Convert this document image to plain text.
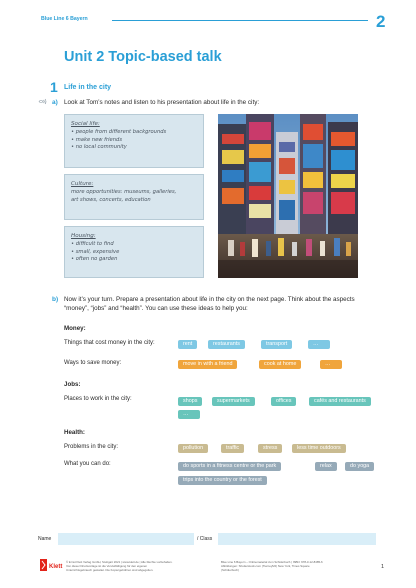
Blue Line 6 Bayern	2
Unit 2 Topic-based talk
1 Life in the city
a) Look at Tom’s notes and listen to his presentation about life in the city:
Social life:
• people from different backgrounds
• make new friends
• no local community
Culture:
more opportunities: museums, galleries,
art shows, concerts, education
Housing:
• difficult to find
• small, expensive
• often no garden
b) Now it’s your turn. Prepare a presentation about life in the city on the next page. Think about the aspects
“money”, “jobs” and “health”. You can use these ideas to help you:
Money:
Things that cost money in the city:	rent	restaurants	transport	…
Ways to save money:	move in with a friend	cook at home	…
Jobs:
Places to work in the city:	shops	supermarkets	offices	cafés and restaurants
…
Health:
Problems in the city:	pollution	traffic	stress	less time outdoors
What you can do:	do sports in a fitness centre or the park	relax	do yoga
trips into the country or the forest
Name	/ Class
Klett
© Ernst Klett Verlag GmbH, Stuttgart 2021 | www.klett.de | Alle Rechte vorbehalten.
Von dieser Druckvorlage ist die Vervielfältigung für den eigenen
Unterrichtsgebrauch gestattet. Die Kopiergebühren sind abgegolten.
Blue Line 6 Bayern – Onlinematerial zum Schülerbuch | ISBN: 978-3-12-8485-6
Abbildungen: Shutterstock.com (TierneyMJ) New York, Times Square
(Schülerbuch)	1
